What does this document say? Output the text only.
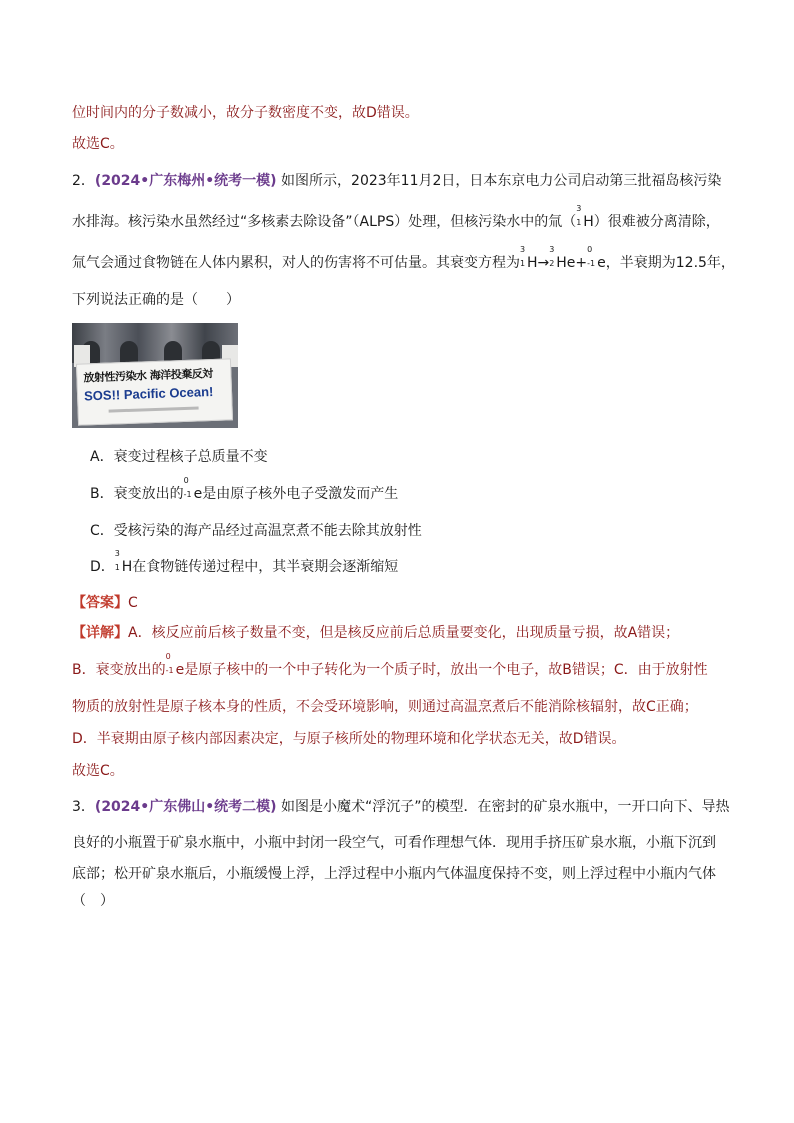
位时间内的分子数减小，故分子数密度不变，故D错误。
故选C。
2．(2024•广东梅州•统考一模) 如图所示，2023年11月2日，日本东京电力公司启动第三批福岛核污染
水排海。核污染水虽然经过“多核素去除设备”（ALPS）处理，但核污染水中的氚（
3
1 H）很难被分离清除，
氚气会通过食物链在人体内累积，对人的伤害将不可估量。其衰变方程为
3
1 H→
3
2 He+
0
-1 e，半衰期为12.5年，
下列说法正确的是（　　）
放射性汚染水 海洋投棄反対
SOS!! Pacific Ocean!
A．衰变过程核子总质量不变
B．衰变放出的
0
-1 e是由原子核外电子受激发而产生
C．受核污染的海产品经过高温烹煮不能去除其放射性
D．
3
1 H在食物链传递过程中，其半衰期会逐渐缩短
【答案】C
【详解】A．核反应前后核子数量不变，但是核反应前后总质量要变化，出现质量亏损，故A错误；
B．衰变放出的
0
-1 e是原子核中的一个中子转化为一个质子时，放出一个电子，故B错误；C．由于放射性
物质的放射性是原子核本身的性质，不会受环境影响，则通过高温烹煮后不能消除核辐射，故C正确；
D．半衰期由原子核内部因素决定，与原子核所处的物理环境和化学状态无关，故D错误。
故选C。
3．(2024•广东佛山•统考二模) 如图是小魔术“浮沉子”的模型．在密封的矿泉水瓶中，一开口向下、导热
良好的小瓶置于矿泉水瓶中，小瓶中封闭一段空气，可看作理想气体．现用手挤压矿泉水瓶，小瓶下沉到
底部；松开矿泉水瓶后，小瓶缓慢上浮，上浮过程中小瓶内气体温度保持不变，则上浮过程中小瓶内气体
（　）
